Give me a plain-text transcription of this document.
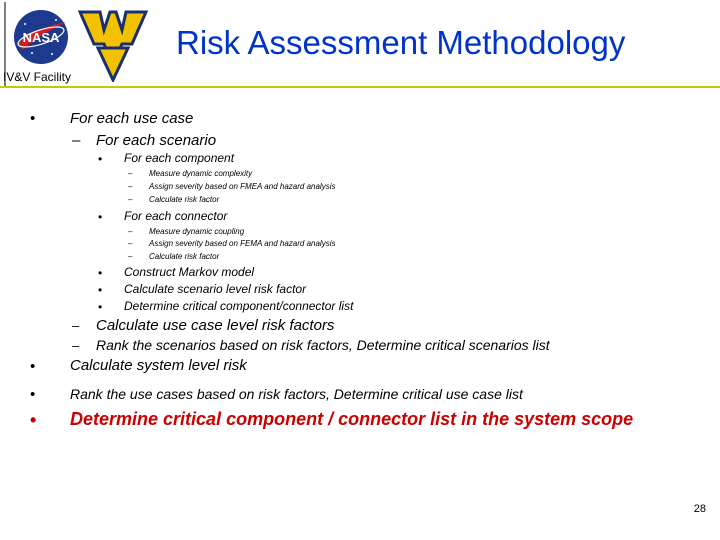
NASA
IV&V Facility
Risk Assessment Methodology
• For each use case
– For each scenario
• For each component
– Measure dynamic complexity
– Assign severity based on FMEA and hazard analysis
– Calculate risk factor
• For each connector
– Measure dynamic coupling
– Assign severity based on FEMA and hazard analysis
– Calculate risk factor
• Construct Markov model
• Calculate scenario level risk factor
• Determine critical component/connector list
– Calculate use case level risk factors
– Rank the scenarios based on risk factors, Determine critical scenarios list
• Calculate system level risk
• Rank the use cases based on risk factors, Determine critical use case list
• Determine critical component / connector list in the system scope
28
